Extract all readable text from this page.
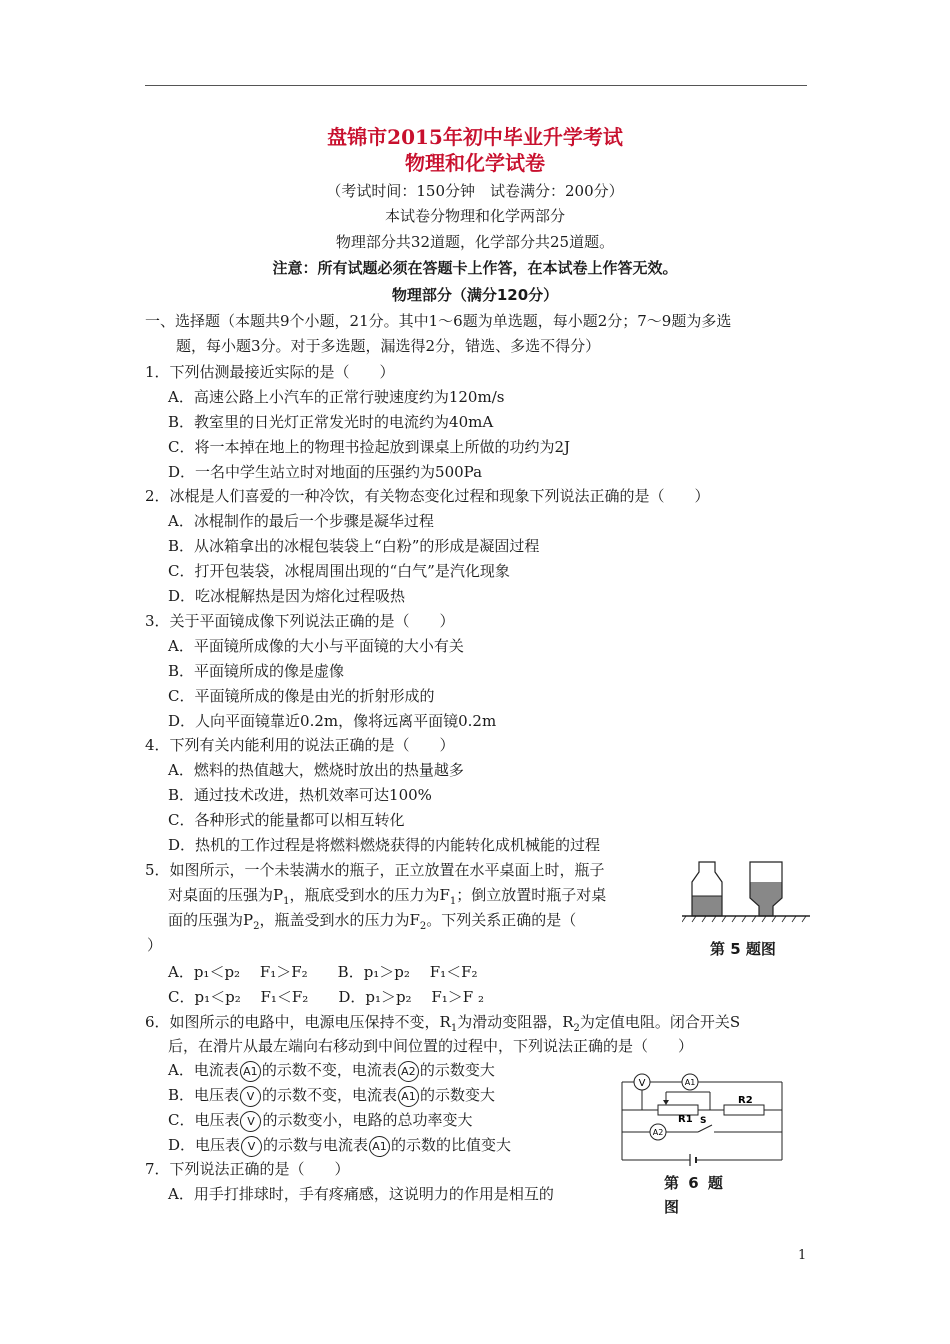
盘锦市2015年初中毕业升学考试
物理和化学试卷
（考试时间：150分钟　试卷满分：200分）
本试卷分物理和化学两部分
物理部分共32道题，化学部分共25道题。
注意：所有试题必须在答题卡上作答，在本试卷上作答无效。
物理部分（满分120分）
一、选择题（本题共9个小题，21分。其中1～6题为单选题，每小题2分；7～9题为多选
题，每小题3分。对于多选题，漏选得2分，错选、多选不得分）
1．下列估测最接近实际的是（　　）
A．高速公路上小汽车的正常行驶速度约为120m/s
B．教室里的日光灯正常发光时的电流约为40mA
C．将一本掉在地上的物理书捡起放到课桌上所做的功约为2J
D．一名中学生站立时对地面的压强约为500Pa
2．冰棍是人们喜爱的一种冷饮，有关物态变化过程和现象下列说法正确的是（　　）
A．冰棍制作的最后一个步骤是凝华过程
B．从冰箱拿出的冰棍包装袋上“白粉”的形成是凝固过程
C．打开包装袋，冰棍周围出现的“白气”是汽化现象
D．吃冰棍解热是因为熔化过程吸热
3．关于平面镜成像下列说法正确的是（　　）
A．平面镜所成像的大小与平面镜的大小有关
B．平面镜所成的像是虚像
C．平面镜所成的像是由光的折射形成的
D．人向平面镜靠近0.2m，像将远离平面镜0.2m
4．下列有关内能利用的说法正确的是（　　）
A．燃料的热值越大，燃烧时放出的热量越多
B．通过技术改进，热机效率可达100%
C．各种形式的能量都可以相互转化
D．热机的工作过程是将燃料燃烧获得的内能转化成机械能的过程
5．如图所示，一个未装满水的瓶子，正立放置在水平桌面上时，瓶子
对桌面的压强为$P_1$，瓶底受到水的压力为$F_1$；倒立放置时瓶子对桌
面的压强为$P_2$，瓶盖受到水的压力为$F_2$。下列关系正确的是（
）
A．p₁＜p₂　 F₁＞F₂　　B．p₁＞p₂　 F₁＜F₂
C．p₁＜p₂　 F₁＜F₂　　D．p₁＞p₂　 F₁＞F ₂
第 5 题图
6．如图所示的电路中，电源电压保持不变，$R_1$为滑动变阻器，$R_2$为定值电阻。闭合开关S
后，在滑片从最左端向右移动到中间位置的过程中，下列说法正确的是（　　）
A．电流表 A1 的示数不变，电流表 A2 的示数变大
B．电压表 V 的示数不变，电流表 A1 的示数变大
C．电压表 V 的示数变小，电路的总功率变大
D．电压表 V 的示数与电流表 A1 的示数的比值变大
V	A1
R1
R2
A2
S
第 6 题
图
7．下列说法正确的是（　　）
A．用手打排球时，手有疼痛感，这说明力的作用是相互的
1
